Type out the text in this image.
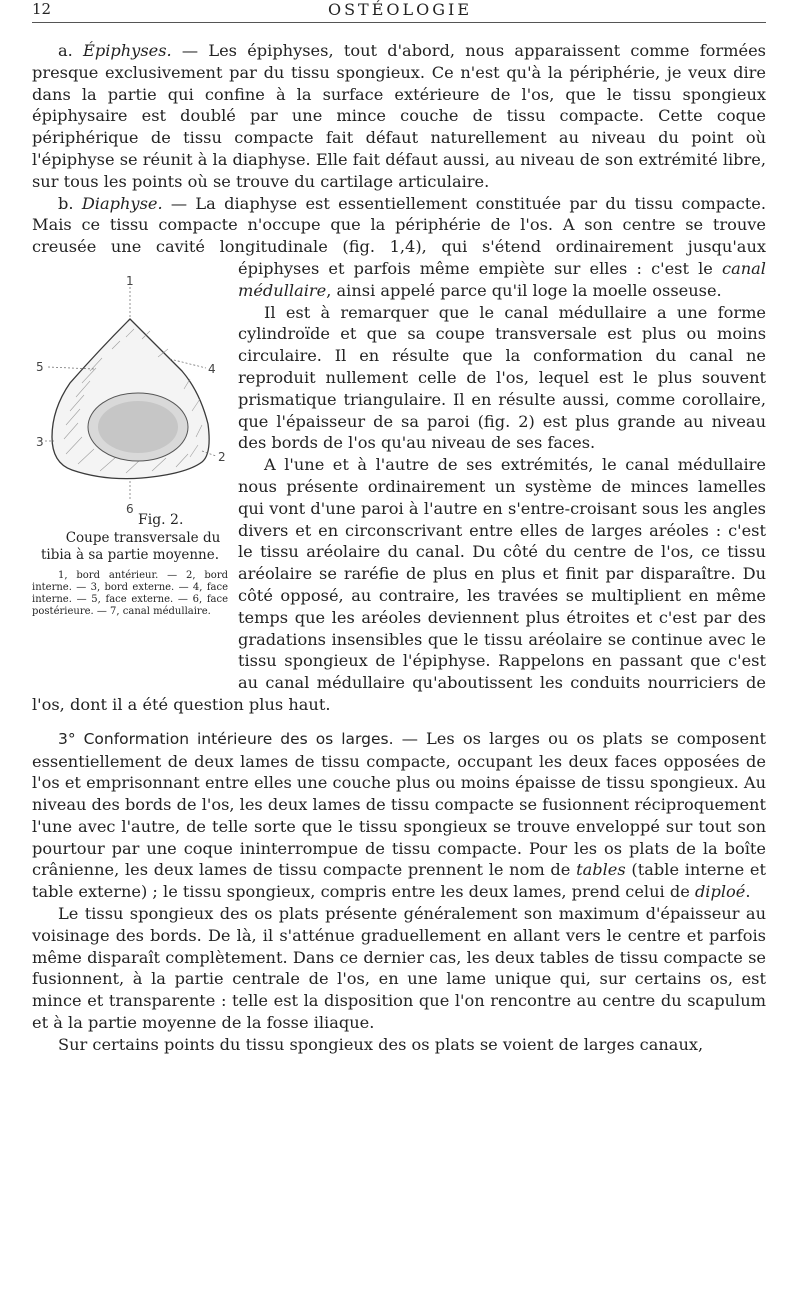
12	OSTÉOLOGIE

a. Épiphyses. — Les épiphyses, tout d'abord, nous apparaissent comme formées presque exclusivement par du tissu spongieux. Ce n'est qu'à la périphérie, je veux dire dans la partie qui confine à la surface extérieure de l'os, que le tissu spongieux épiphysaire est doublé par une mince couche de tissu compacte. Cette coque périphérique de tissu compacte fait défaut naturellement au niveau du point où l'épiphyse se réunit à la diaphyse. Elle fait défaut aussi, au niveau de son extrémité libre, sur tous les points où se trouve du cartilage articulaire.

b. Diaphyse. — La diaphyse est essentiellement constituée par du tissu compacte. Mais ce tissu compacte n'occupe que la périphérie de l'os. A son centre se trouve creusée une cavité longitudinale (fig. 1,4), qui s'étend ordinairement jusqu'aux épiphyses et parfois même empiète sur elles : c'est le
1
2
3
4
5
6
Fig. 2.
Coupe transversale du tibia à sa partie moyenne.
1, bord antérieur. — 2, bord interne. — 3, bord externe. — 4, face interne. — 5, face externe. — 6, face postérieure. — 7, canal médullaire.
canal médullaire, ainsi appelé parce qu'il loge la moelle osseuse.

Il est à remarquer que le canal médullaire a une forme cylindroïde et que sa coupe transversale est plus ou moins circulaire. Il en résulte que la conformation du canal ne reproduit nullement celle de l'os, lequel est le plus souvent prismatique triangulaire. Il en résulte aussi, comme corollaire, que l'épaisseur de sa paroi (fig. 2) est plus grande au niveau des bords de l'os qu'au niveau de ses faces.

A l'une et à l'autre de ses extrémités, le canal médullaire nous présente ordinairement un système de minces lamelles qui vont d'une paroi à l'autre en s'entre-croisant sous les angles divers et en circonscrivant entre elles de larges aréoles : c'est le tissu aréolaire du canal. Du côté du centre de l'os, ce tissu aréolaire se raréfie de plus en plus et finit par disparaître. Du côté opposé, au contraire, les travées se multiplient en même temps que les aréoles deviennent plus étroites et c'est par des gradations insensibles que le tissu aréolaire se continue avec le tissu spongieux de l'épiphyse. Rappelons en passant que c'est au canal médullaire qu'aboutissent les conduits nourriciers de l'os, dont il a été question plus haut.

3° Conformation intérieure des os larges. — Les os larges ou os plats se composent essentiellement de deux lames de tissu compacte, occupant les deux faces opposées de l'os et emprisonnant entre elles une couche plus ou moins épaisse de tissu spongieux. Au niveau des bords de l'os, les deux lames de tissu compacte se fusionnent réciproquement l'une avec l'autre, de telle sorte que le tissu spongieux se trouve enveloppé sur tout son pourtour par une coque ininterrompue de tissu compacte. Pour les os plats de la boîte crânienne, les deux lames de tissu compacte prennent le nom de tables (table interne et table externe) ; le tissu spongieux, compris entre les deux lames, prend celui de diploé.

Le tissu spongieux des os plats présente généralement son maximum d'épaisseur au voisinage des bords. De là, il s'atténue graduellement en allant vers le centre et parfois même disparaît complètement. Dans ce dernier cas, les deux tables de tissu compacte se fusionnent, à la partie centrale de l'os, en une lame unique qui, sur certains os, est mince et transparente : telle est la disposition que l'on rencontre au centre du scapulum et à la partie moyenne de la fosse iliaque.

Sur certains points du tissu spongieux des os plats se voient de larges canaux,
